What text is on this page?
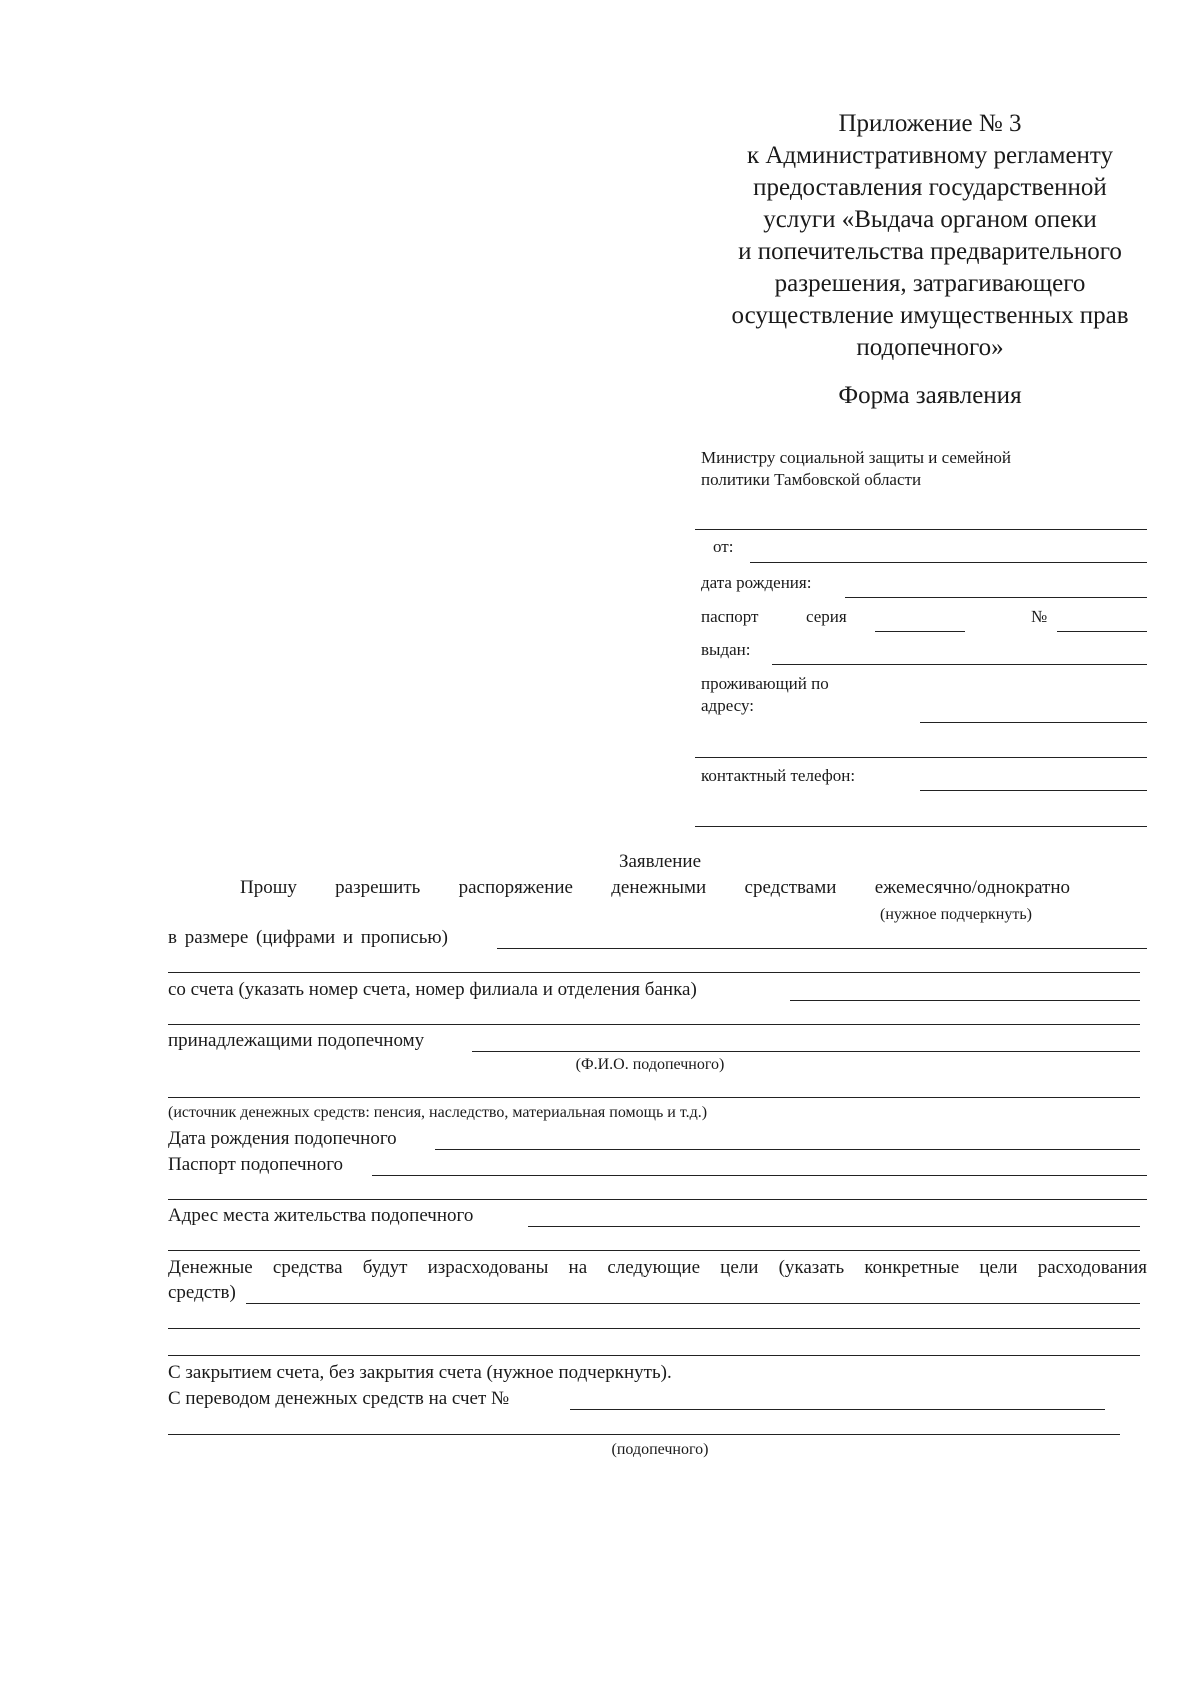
Приложение № 3
к Административному регламенту
предоставления государственной
услуги «Выдача органом опеки
и попечительства предварительного
разрешения, затрагивающего
осуществление имущественных прав
подопечного»
Форма заявления
Министру социальной защиты и семейной
политики Тамбовской области
от:
дата рождения:
паспорт	серия	№
выдан:
проживающий по
адресу:
контактный телефон:
Заявление
Прошу разрешить распоряжение денежными средствами ежемесячно/однократно
(нужное подчеркнуть)
в размере (цифрами и прописью)
со счета (указать номер счета, номер филиала и отделения банка)
принадлежащими подопечному
(Ф.И.О. подопечного)
(источник денежных средств: пенсия, наследство, материальная помощь и т.д.)
Дата рождения подопечного
Паспорт подопечного
Адрес места жительства подопечного
Денежные средства будут израсходованы на следующие цели (указать конкретные цели расходования
средств)
С закрытием счета, без закрытия счета (нужное подчеркнуть).
С переводом денежных средств на счет №
(подопечного)
